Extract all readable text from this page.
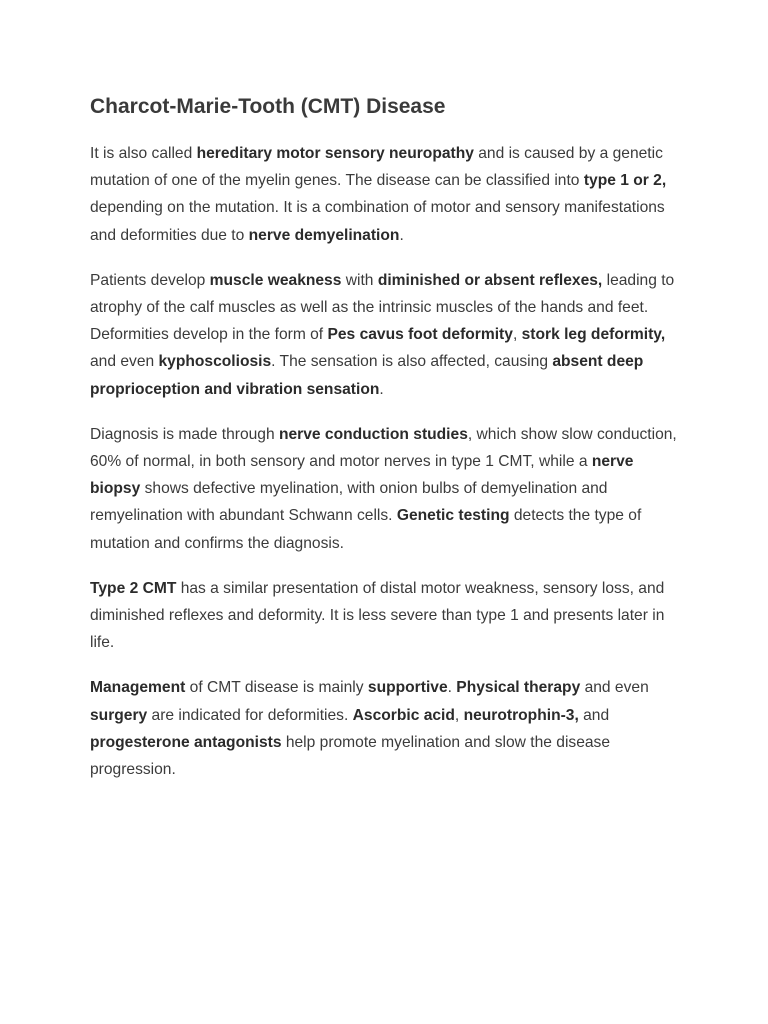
Charcot-Marie-Tooth (CMT) Disease

It is also called hereditary motor sensory neuropathy and is caused by a genetic mutation of one of the myelin genes. The disease can be classified into type 1 or 2, depending on the mutation. It is a combination of motor and sensory manifestations and deformities due to nerve demyelination.

Patients develop muscle weakness with diminished or absent reflexes, leading to atrophy of the calf muscles as well as the intrinsic muscles of the hands and feet. Deformities develop in the form of Pes cavus foot deformity, stork leg deformity, and even kyphoscoliosis. The sensation is also affected, causing absent deep proprioception and vibration sensation.

Diagnosis is made through nerve conduction studies, which show slow conduction, 60% of normal, in both sensory and motor nerves in type 1 CMT, while a nerve biopsy shows defective myelination, with onion bulbs of demyelination and remyelination with abundant Schwann cells. Genetic testing detects the type of mutation and confirms the diagnosis.

Type 2 CMT has a similar presentation of distal motor weakness, sensory loss, and diminished reflexes and deformity. It is less severe than type 1 and presents later in life.

Management of CMT disease is mainly supportive. Physical therapy and even surgery are indicated for deformities. Ascorbic acid, neurotrophin-3, and progesterone antagonists help promote myelination and slow the disease progression.
